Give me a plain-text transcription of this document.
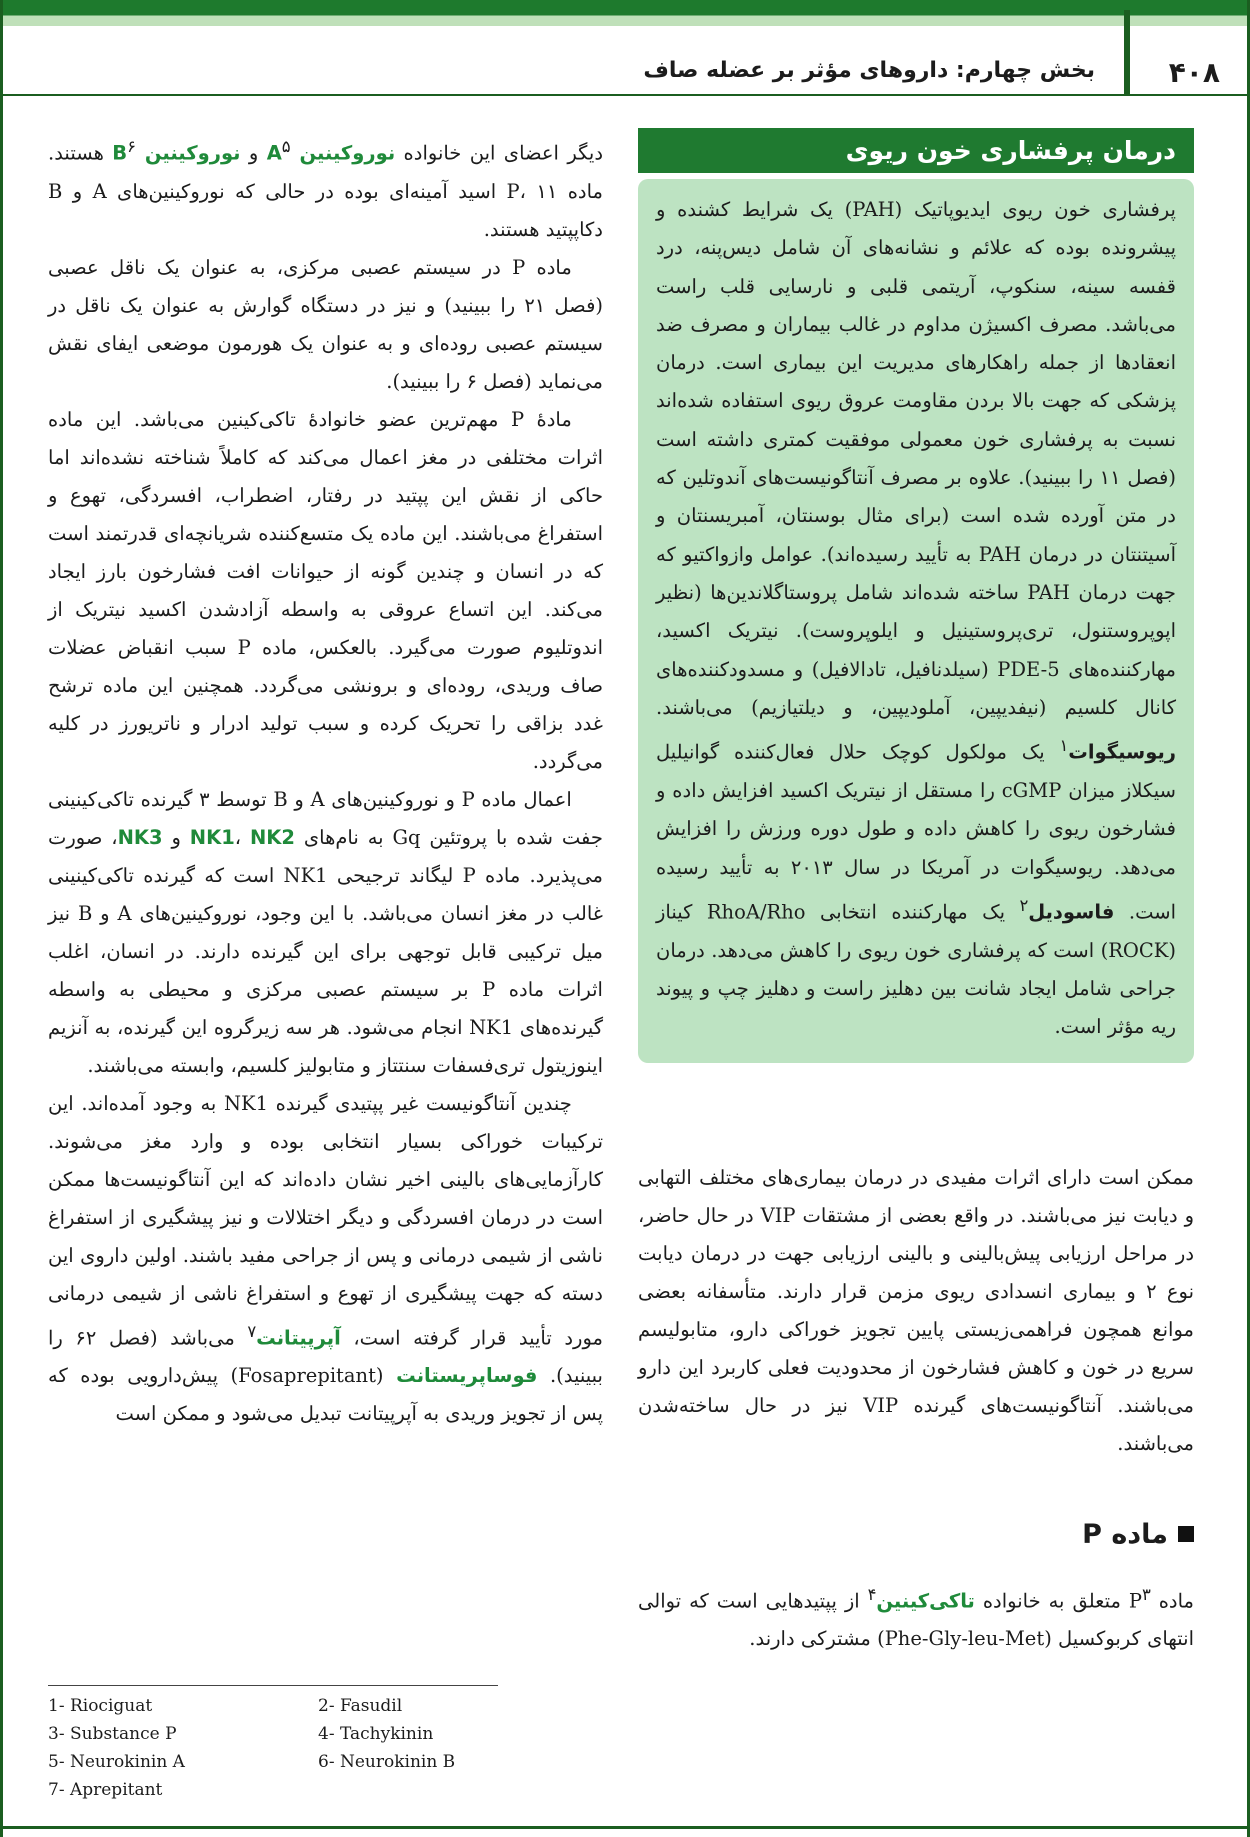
۴۰۸
بخش چهارم: داروهای مؤثر بر عضله صاف
درمان پرفشاری خون ریوی

پرفشاری خون ریوی ایدیوپاتیک (PAH) یک شرایط کشنده و پیشرونده بوده که علائم و نشانه‌های آن شامل دیس‌پنه، درد قفسه سینه، سنکوپ، آریتمی قلبی و نارسایی قلب راست می‌باشد. مصرف اکسیژن مداوم در غالب بیماران و مصرف ضد انعقادها از جمله راهکارهای مدیریت این بیماری است. درمان پزشکی که جهت بالا بردن مقاومت عروق ریوی استفاده شده‌اند نسبت به پرفشاری خون معمولی موفقیت کمتری داشته است (فصل ۱۱ را ببینید). علاوه بر مصرف آنتاگونیست‌های آندوتلین که در متن آورده شده است (برای مثال بوسنتان، آمبریسنتان و آسیتنتان در درمان PAH به تأیید رسیده‌اند). عوامل وازواکتیو که جهت درمان PAH ساخته شده‌اند شامل پروستاگلاندین‌ها (نظیر اپوپروستنول، تری‌پروستینیل و ایلوپروست). نیتریک اکسید، مهارکننده‌های PDE-5 (سیلدنافیل، تادالافیل) و مسدودکننده‌های کانال کلسیم (نیفدیپین، آملودیپین، و دیلتیازیم) می‌باشند. ریوسیگوات$^۱$ یک مولکول کوچک حلال فعال‌کننده گوانیلیل سیکلاز میزان cGMP را مستقل از نیتریک اکسید افزایش داده و فشارخون ریوی را کاهش داده و طول دوره ورزش را افزایش می‌دهد. ریوسیگوات در آمریکا در سال ۲۰۱۳ به تأیید رسیده است. فاسودیل$^۲$ یک مهارکننده انتخابی RhoA/Rho کیناز (ROCK) است که پرفشاری خون ریوی را کاهش می‌دهد. درمان جراحی شامل ایجاد شانت بین دهلیز راست و دهلیز چپ و پیوند ریه مؤثر است.

ممکن است دارای اثرات مفیدی در درمان بیماری‌های مختلف التهابی و دیابت نیز می‌باشند. در واقع بعضی از مشتقات VIP در حال حاضر، در مراحل ارزیابی پیش‌بالینی و بالینی ارزیابی جهت در درمان دیابت نوع ۲ و بیماری انسدادی ریوی مزمن قرار دارند. متأسفانه بعضی موانع همچون فراهمی‌زیستی پایین تجویز خوراکی دارو، متابولیسم سریع در خون و کاهش فشارخون از محدودیت فعلی کاربرد این دارو می‌باشند. آنتاگونیست‌های گیرنده VIP نیز در حال ساخته‌شدن می‌باشند.

ماده P

ماده $P^۳$ متعلق به خانواده تاکی‌کینین$^۴$ از پپتیدهایی است که توالی انتهای کربوکسیل (Phe-Gly-leu-Met) مشترکی دارند.

دیگر اعضای این خانواده نوروکینین $A^۵$ و نوروکینین $B^۶$ هستند. ماده P، ۱۱ اسید آمینه‌ای بوده در حالی که نوروکینین‌های A و B دکاپپتید هستند.

ماده P در سیستم عصبی مرکزی، به عنوان یک ناقل عصبی (فصل ۲۱ را ببینید) و نیز در دستگاه گوارش به عنوان یک ناقل در سیستم عصبی روده‌ای و به عنوان یک هورمون موضعی ایفای نقش می‌نماید (فصل ۶ را ببینید).

مادهٔ P مهم‌ترین عضو خانوادهٔ تاکی‌کینین می‌باشد. این ماده اثرات مختلفی در مغز اعمال می‌کند که کاملاً شناخته نشده‌اند اما حاکی از نقش این پپتید در رفتار، اضطراب، افسردگی، تهوع و استفراغ می‌باشند. این ماده یک متسع‌کننده شریانچه‌ای قدرتمند است که در انسان و چندین گونه از حیوانات افت فشارخون بارز ایجاد می‌کند. این اتساع عروقی به واسطه آزادشدن اکسید نیتریک از اندوتلیوم صورت می‌گیرد. بالعکس، ماده P سبب انقباض عضلات صاف وریدی، روده‌ای و برونشی می‌گردد. همچنین این ماده ترشح غدد بزاقی را تحریک کرده و سبب تولید ادرار و ناتریورز در کلیه می‌گردد.

اعمال ماده P و نوروکینین‌های A و B توسط ۳ گیرنده تاکی‌کینینی جفت شده با پروتئین Gq به نام‌های NK1، NK2 و NK3، صورت می‌پذیرد. ماده P لیگاند ترجیحی NK1 است که گیرنده تاکی‌کینینی غالب در مغز انسان می‌باشد. با این وجود، نوروکینین‌های A و B نیز میل ترکیبی قابل توجهی برای این گیرنده دارند. در انسان، اغلب اثرات ماده P بر سیستم عصبی مرکزی و محیطی به واسطه گیرنده‌های NK1 انجام می‌شود. هر سه زیرگروه این گیرنده، به آنزیم اینوزیتول تری‌فسفات سنتتاز و متابولیز کلسیم، وابسته می‌باشند.

چندین آنتاگونیست غیر پپتیدی گیرنده NK1 به وجود آمده‌اند. این ترکیبات خوراکی بسیار انتخابی بوده و وارد مغز می‌شوند. کارآزمایی‌های بالینی اخیر نشان داده‌اند که این آنتاگونیست‌ها ممکن است در درمان افسردگی و دیگر اختلالات و نیز پیشگیری از استفراغ ناشی از شیمی درمانی و پس از جراحی مفید باشند. اولین داروی این دسته که جهت پیشگیری از تهوع و استفراغ ناشی از شیمی درمانی مورد تأیید قرار گرفته است، آپرپیتانت$^۷$ می‌باشد (فصل ۶۲ را ببینید). فوساپریستانت (Fosaprepitant) پیش‌دارویی بوده که پس از تجویز وریدی به آپرپیتانت تبدیل می‌شود و ممکن است

1- Riociguat	2- Fasudil
3- Substance P	4- Tachykinin
5- Neurokinin A	6- Neurokinin B
7- Aprepitant
